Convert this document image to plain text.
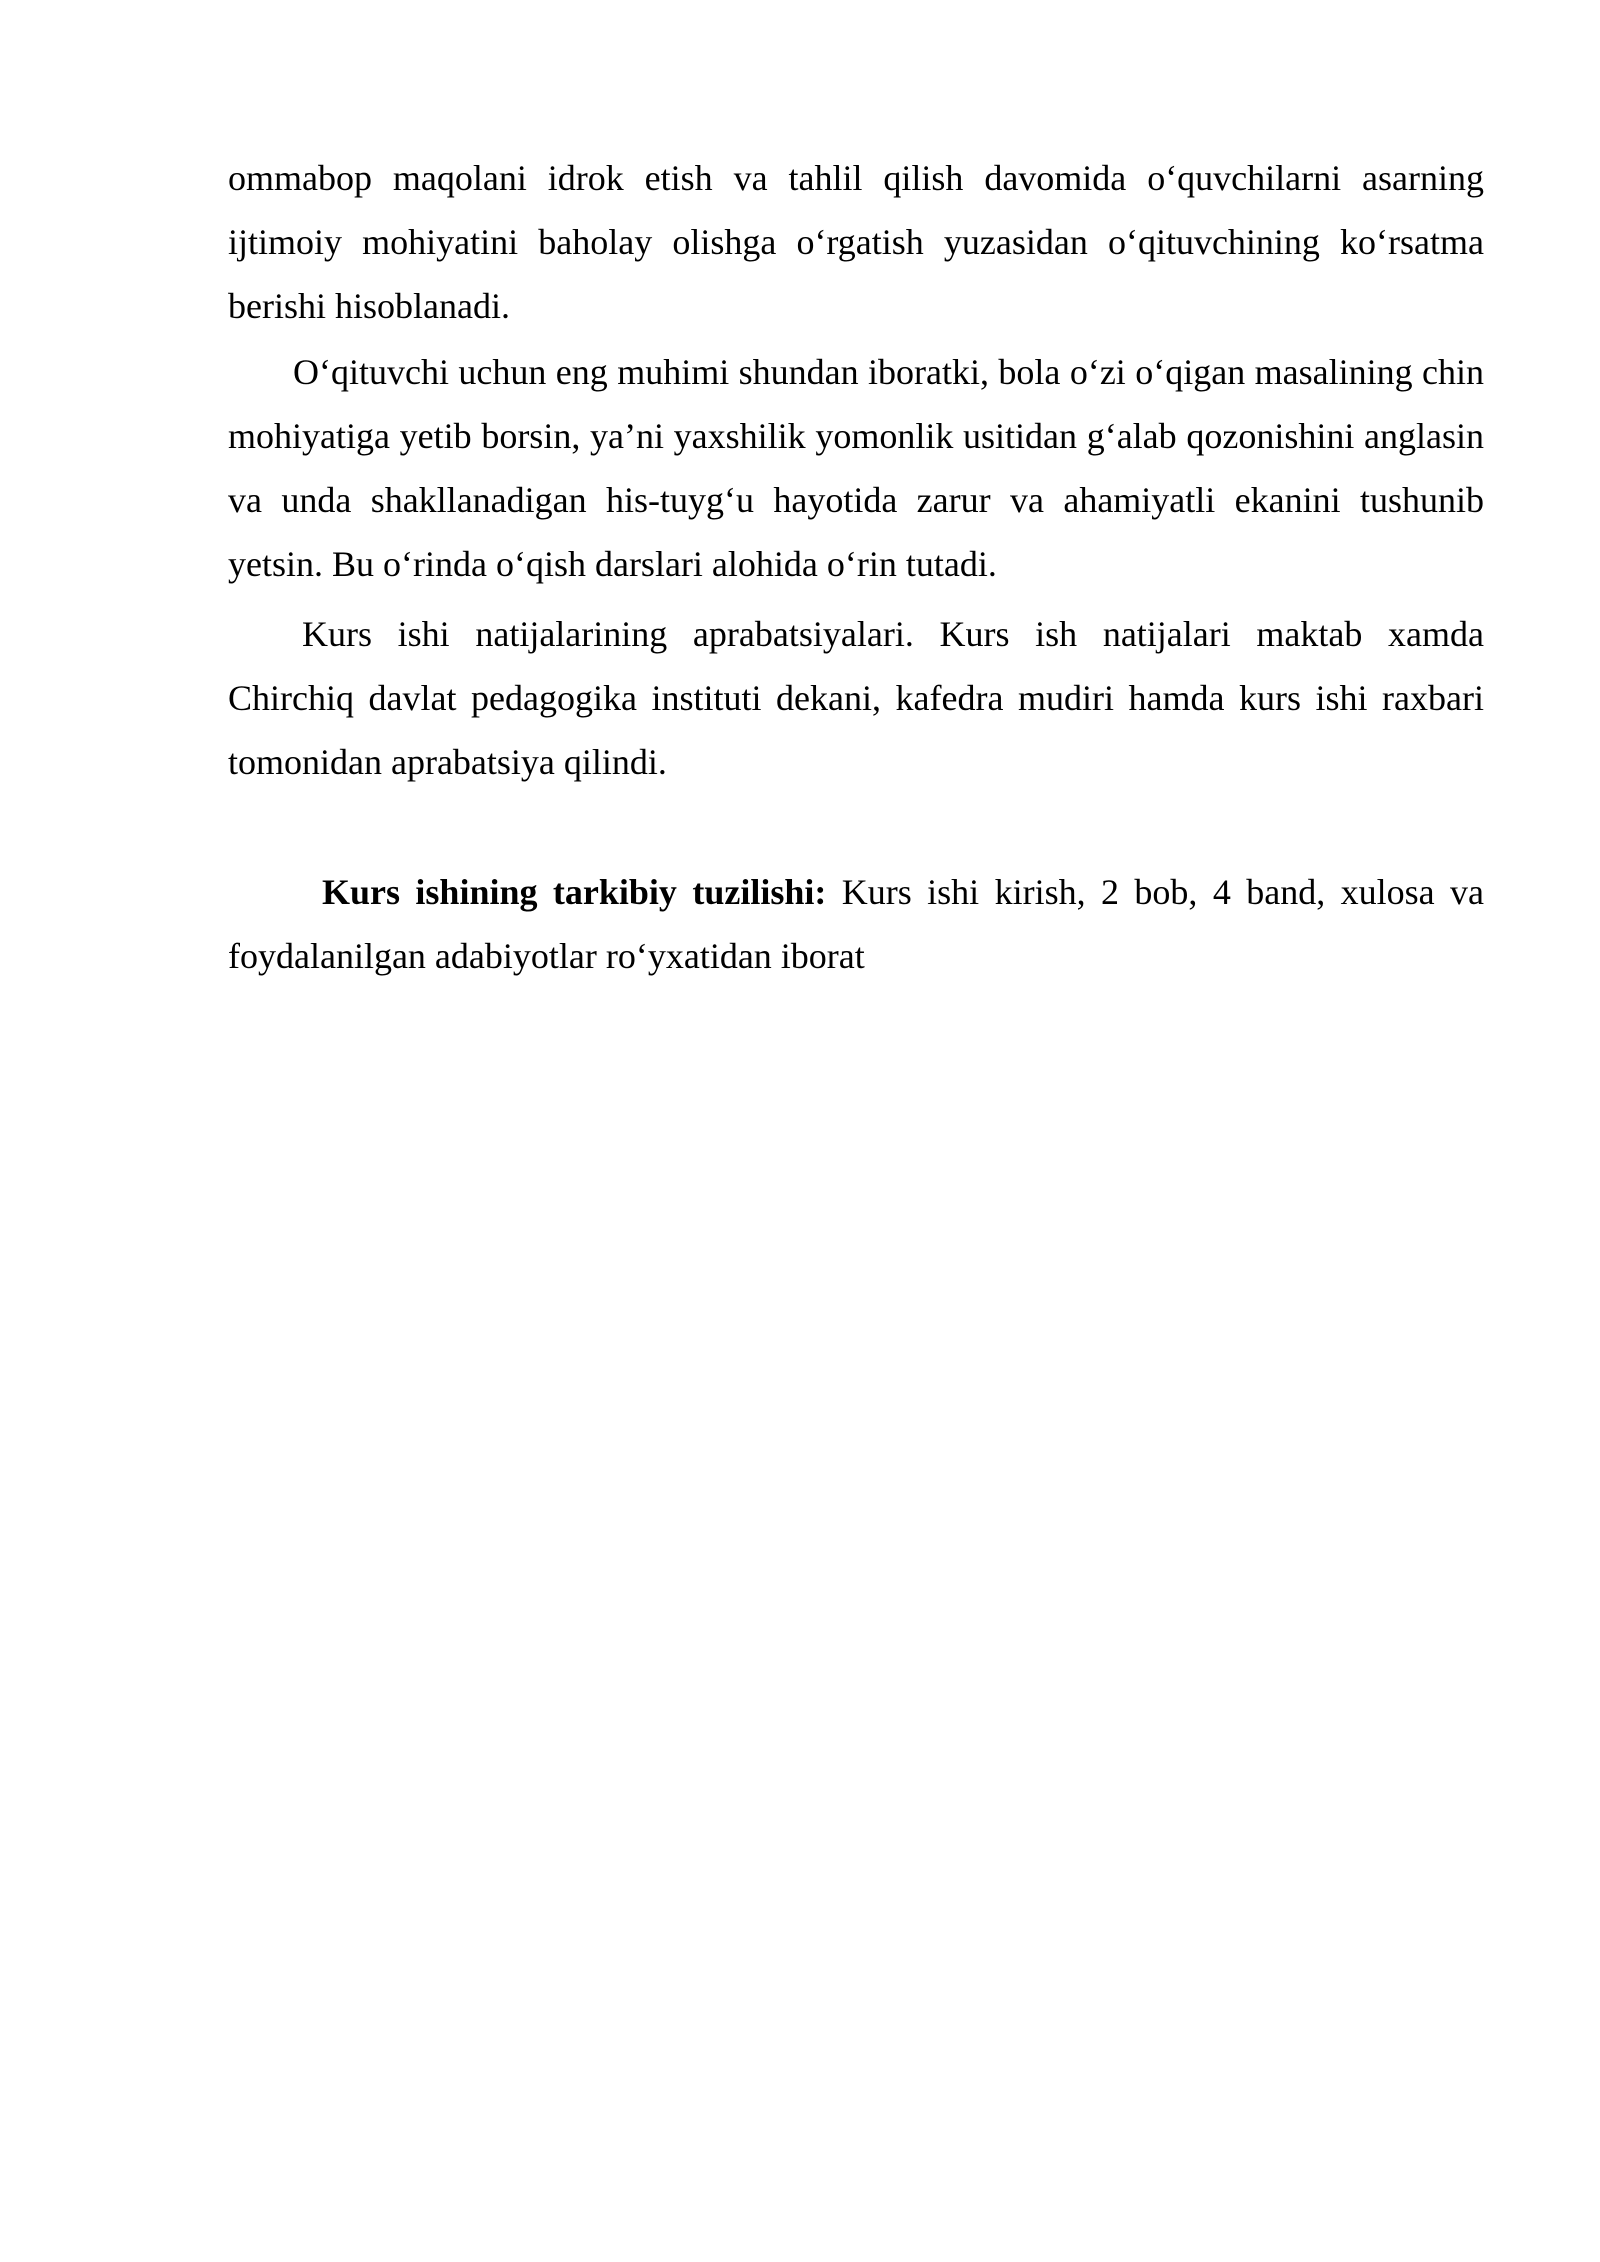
ommabop maqolani idrok etish va tahlil qilish davomida o‘quvchilarni asarning ijtimoiy mohiyatini baholay olishga o‘rgatish yuzasidan o‘qituvchining ko‘rsatma berishi hisoblanadi.

O‘qituvchi uchun eng muhimi shundan iboratki, bola o‘zi o‘qigan masalining chin mohiyatiga yetib borsin, ya’ni yaxshilik yomonlik usitidan g‘alab qozonishini anglasin va unda shakllanadigan his-tuyg‘u hayotida zarur va ahamiyatli ekanini tushunib yetsin. Bu o‘rinda o‘qish darslari alohida o‘rin tutadi.

Kurs ishi natijalarining aprabatsiyalari. Kurs ish natijalari maktab xamda Chirchiq davlat pedagogika instituti dekani, kafedra mudiri hamda kurs ishi raxbari tomonidan aprabatsiya qilindi.

Kurs ishining tarkibiy tuzilishi: Kurs ishi kirish, 2 bob, 4 band, xulosa va foydalanilgan adabiyotlar ro‘yxatidan iborat
